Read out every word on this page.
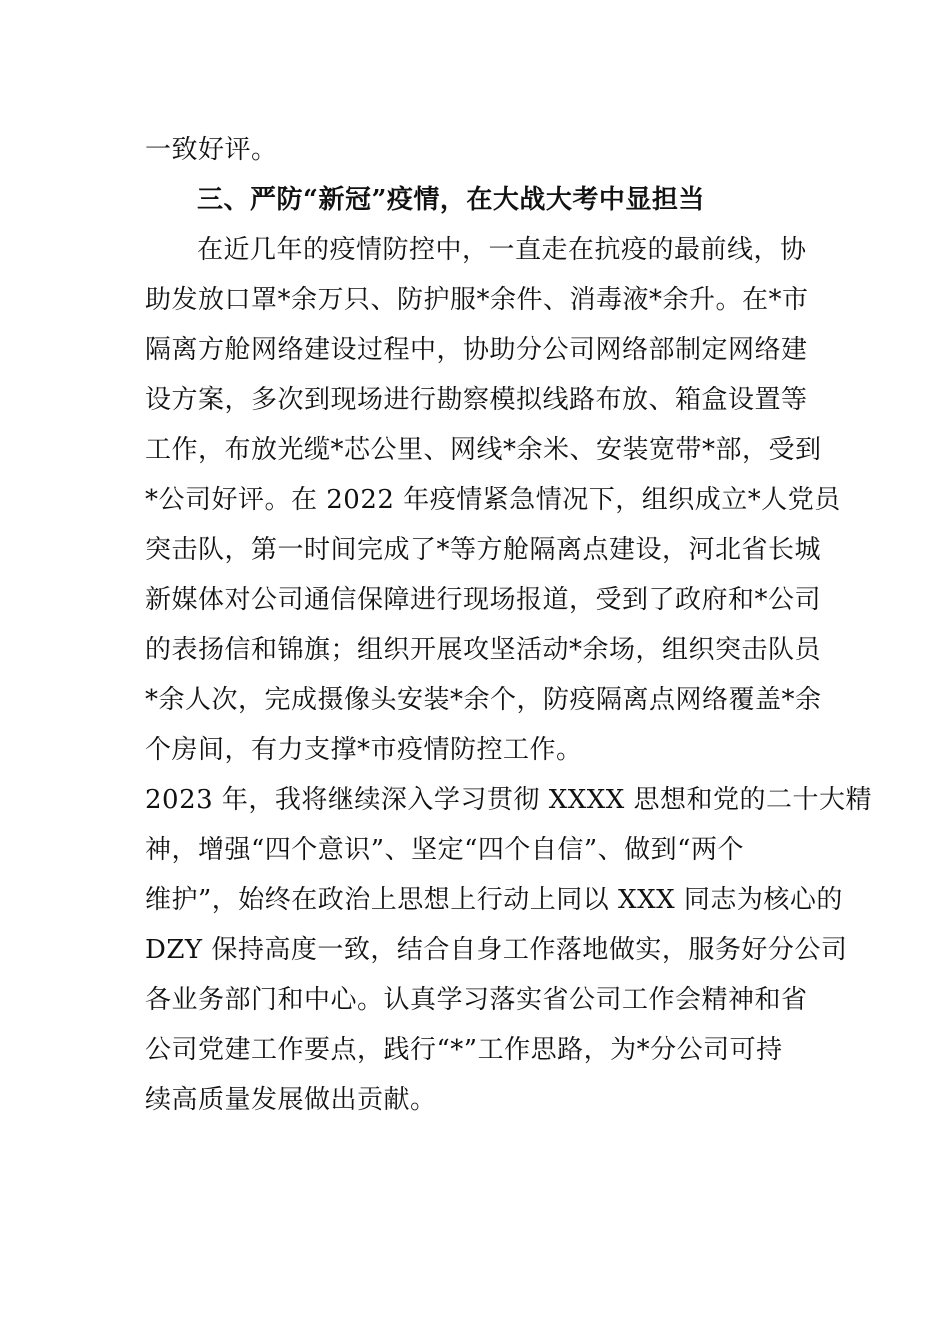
一致好评。
三、严防“新冠”疫情，在大战大考中显担当
在近几年的疫情防控中，一直走在抗疫的最前线，协
助发放口罩*余万只、防护服*余件、消毒液*余升。在*市
隔离方舱网络建设过程中，协助分公司网络部制定网络建
设方案，多次到现场进行勘察模拟线路布放、箱盒设置等
工作，布放光缆*芯公里、网线*余米、安装宽带*部，受到
*公司好评。在 2022 年疫情紧急情况下，组织成立*人党员
突击队，第一时间完成了*等方舱隔离点建设，河北省长城
新媒体对公司通信保障进行现场报道，受到了政府和*公司
的表扬信和锦旗；组织开展攻坚活动*余场，组织突击队员
*余人次，完成摄像头安装*余个，防疫隔离点网络覆盖*余
个房间，有力支撑*市疫情防控工作。
2023 年，我将继续深入学习贯彻 XXXX 思想和党的二十大精
神，增强“四个意识”、坚定“四个自信”、做到“两个
维护”，始终在政治上思想上行动上同以 XXX 同志为核心的
DZY 保持高度一致，结合自身工作落地做实，服务好分公司
各业务部门和中心。认真学习落实省公司工作会精神和省
公司党建工作要点，践行“*”工作思路，为*分公司可持
续高质量发展做出贡献。
